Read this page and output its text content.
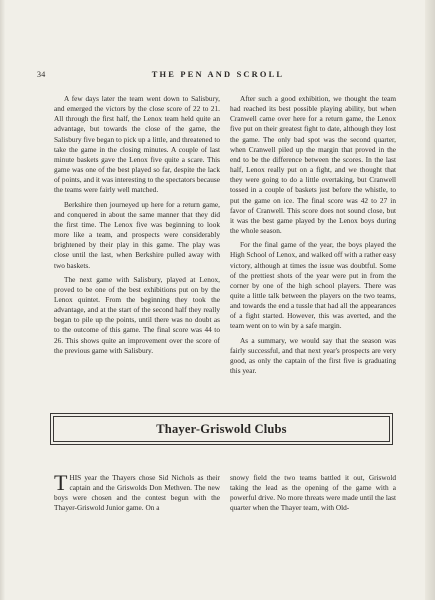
34	THE PEN AND SCROLL

A few days later the team went down to Salisbury, and emerged the victors by the close score of 22 to 21. All through the first half, the Lenox team held quite an advantage, but towards the close of the game, the Salisbury five began to pick up a little, and threatened to take the game in the closing minutes. A couple of last minute baskets gave the Lenox five quite a scare. This game was one of the best played so far, despite the lack of points, and it was interesting to the spectators because the teams were fairly well matched.

Berkshire then journeyed up here for a return game, and conquered in about the same manner that they did the first time. The Lenox five was beginning to look more like a team, and prospects were considerably brightened by their play in this game. The play was close until the last, when Berkshire pulled away with two baskets.

The next game with Salisbury, played at Lenox, proved to be one of the best exhibitions put on by the Lenox quintet. From the beginning they took the advantage, and at the start of the second half they really began to pile up the points, until there was no doubt as to the outcome of this game. The final score was 44 to 26. This shows quite an improvement over the score of the previous game with Salisbury.

After such a good exhibition, we thought the team had reached its best possible playing ability, but when Cranwell came over here for a return game, the Lenox five put on their greatest fight to date, although they lost the game. The only bad spot was the second quarter, when Cranwell piled up the margin that proved in the end to be the difference between the scores. In the last half, Lenox really put on a fight, and we thought that they were going to do a little overtaking, but Cranwell tossed in a couple of baskets just before the whistle, to put the game on ice. The final score was 42 to 27 in favor of Cranwell. This score does not sound close, but it was the best game played by the Lenox boys during the whole season.

For the final game of the year, the boys played the High School of Lenox, and walked off with a rather easy victory, although at times the issue was doubtful. Some of the prettiest shots of the year were put in from the corner by one of the high school players. There was quite a little talk between the players on the two teams, and towards the end a tussle that had all the appearances of a fight started. However, this was averted, and the team went on to win by a safe margin.

As a summary, we would say that the season was fairly successful, and that next year's prospects are very good, as only the captain of the first five is graduating this year.

Thayer-Griswold Clubs

T HIS year the Thayers chose Sid Nichols as their captain and the Griswolds Don Methven. The new boys were chosen and the contest begun with the Thayer-Griswold Junior game. On a

snowy field the two teams battled it out, Griswold taking the lead as the opening of the game with a powerful drive. No more threats were made until the last quarter when the Thayer team, with Old-
